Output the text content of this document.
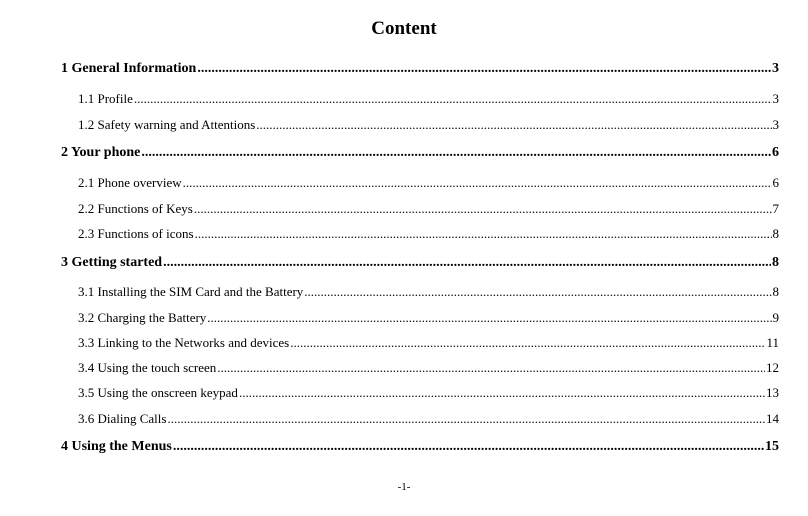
Content
1 General Information .....	3
1.1 Profile .....	3
1.2 Safety warning and Attentions .....	3
2 Your phone .....	6
2.1 Phone overview .....	6
2.2 Functions of Keys .....	7
2.3 Functions of icons .....	8
3 Getting started .....	8
3.1 Installing the SIM Card and the Battery .....	8
3.2 Charging the Battery .....	9
3.3 Linking to the Networks and devices .....	11
3.4 Using the touch screen .....	12
3.5 Using the onscreen keypad .....	13
3.6 Dialing Calls .....	14
4 Using the Menus .....	15
-1-
